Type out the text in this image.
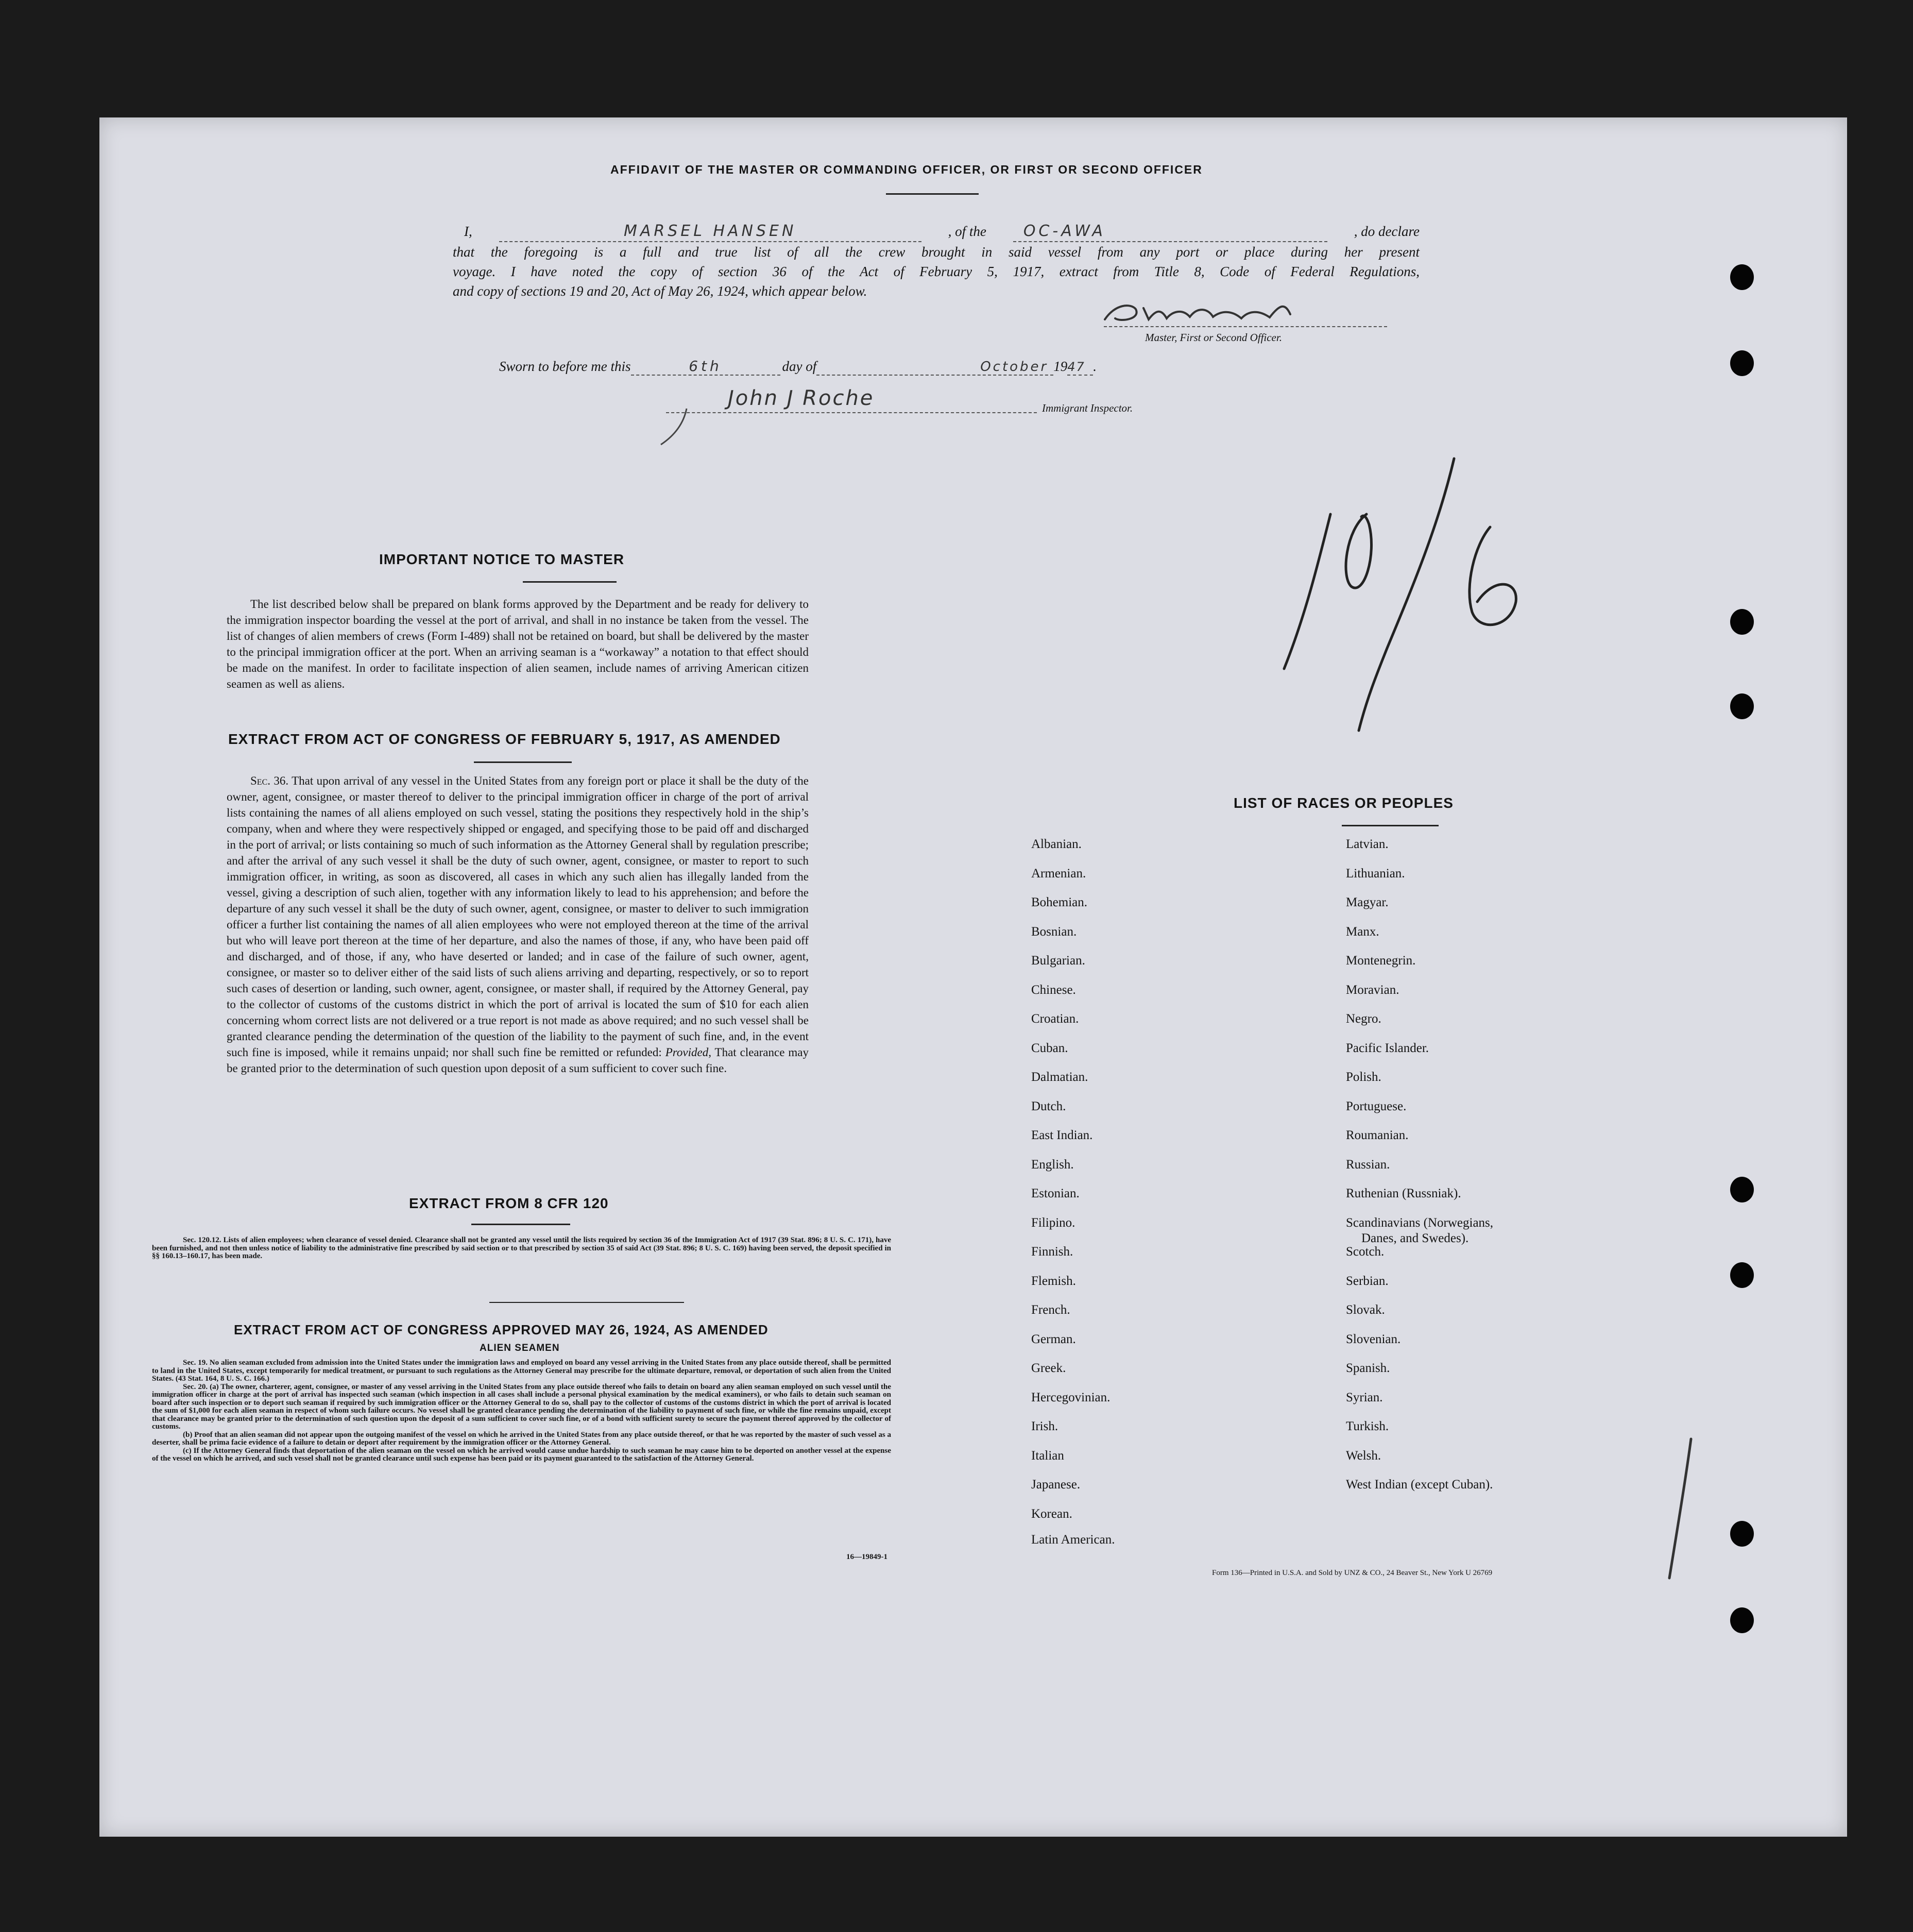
AFFIDAVIT OF THE MASTER OR COMMANDING OFFICER, OR FIRST OR SECOND OFFICER
I,	MARSEL HANSEN	, of the	OC-AWA	, do declare
that the foregoing is a full and true list of all the crew brought in said vessel from any port or place during her present
voyage. I have noted the copy of section 36 of the Act of February 5, 1917, extract from Title 8, Code of Federal Regulations,
and copy of sections 19 and 20, Act of May 26, 1924, which appear below.
Master, First or Second Officer.
Sworn to before me this	6th	day of	October 19 47 .
John J Roche	Immigrant Inspector.
IMPORTANT NOTICE TO MASTER
The list described below shall be prepared on blank forms approved by the Department and be ready for delivery to the immigration inspector boarding the vessel at the port of arrival, and shall in no instance be taken from the vessel. The list of changes of alien members of crews (Form I-489) shall not be retained on board, but shall be delivered by the master to the principal immigration officer at the port. When an arriving seaman is a “workaway” a notation to that effect should be made on the manifest. In order to facilitate inspection of alien seamen, include names of arriving American citizen seamen as well as aliens.
EXTRACT FROM ACT OF CONGRESS OF FEBRUARY 5, 1917, AS AMENDED
Sec. 36. That upon arrival of any vessel in the United States from any foreign port or place it shall be the duty of the owner, agent, consignee, or master thereof to deliver to the principal immigration officer in charge of the port of arrival lists containing the names of all aliens employed on such vessel, stating the positions they respectively hold in the ship’s company, when and where they were respectively shipped or engaged, and specifying those to be paid off and discharged in the port of arrival; or lists containing so much of such information as the Attorney General shall by regulation prescribe; and after the arrival of any such vessel it shall be the duty of such owner, agent, consignee, or master to report to such immigration officer, in writing, as soon as discovered, all cases in which any such alien has illegally landed from the vessel, giving a description of such alien, together with any information likely to lead to his apprehension; and before the departure of any such vessel it shall be the duty of such owner, agent, consignee, or master to deliver to such immigration officer a further list containing the names of all alien employees who were not employed thereon at the time of the arrival but who will leave port thereon at the time of her departure, and also the names of those, if any, who have been paid off and discharged, and of those, if any, who have deserted or landed; and in case of the failure of such owner, agent, consignee, or master so to deliver either of the said lists of such aliens arriving and departing, respectively, or so to report such cases of desertion or landing, such owner, agent, consignee, or master shall, if required by the Attorney General, pay to the collector of customs of the customs district in which the port of arrival is located the sum of $10 for each alien concerning whom correct lists are not delivered or a true report is not made as above required; and no such vessel shall be granted clearance pending the determination of the question of the liability to the payment of such fine, and, in the event such fine is imposed, while it remains unpaid; nor shall such fine be remitted or refunded: Provided, That clearance may be granted prior to the determination of such question upon deposit of a sum sufficient to cover such fine.
EXTRACT FROM 8 CFR 120
Sec. 120.12. Lists of alien employees; when clearance of vessel denied. Clearance shall not be granted any vessel until the lists required by section 36 of the Immigration Act of 1917 (39 Stat. 896; 8 U. S. C. 171), have been furnished, and not then unless notice of liability to the administrative fine prescribed by said section or to that prescribed by section 35 of said Act (39 Stat. 896; 8 U. S. C. 169) having been served, the deposit specified in §§ 160.13–160.17, has been made.
EXTRACT FROM ACT OF CONGRESS APPROVED MAY 26, 1924, AS AMENDED
ALIEN SEAMEN
Sec. 19. No alien seaman excluded from admission into the United States under the immigration laws and employed on board any vessel arriving in the United States from any place outside thereof, shall be permitted to land in the United States, except temporarily for medical treatment, or pursuant to such regulations as the Attorney General may prescribe for the ultimate departure, removal, or deportation of such alien from the United States. (43 Stat. 164, 8 U. S. C. 166.)
Sec. 20. (a) The owner, charterer, agent, consignee, or master of any vessel arriving in the United States from any place outside thereof who fails to detain on board any alien seaman employed on such vessel until the immigration officer in charge at the port of arrival has inspected such seaman (which inspection in all cases shall include a personal physical examination by the medical examiners), or who fails to detain such seaman on board after such inspection or to deport such seaman if required by such immigration officer or the Attorney General to do so, shall pay to the collector of customs of the customs district in which the port of arrival is located the sum of $1,000 for each alien seaman in respect of whom such failure occurs. No vessel shall be granted clearance pending the determination of the liability to payment of such fine, or while the fine remains unpaid, except that clearance may be granted prior to the determination of such question upon the deposit of a sum sufficient to cover such fine, or of a bond with sufficient surety to secure the payment thereof approved by the collector of customs.
(b) Proof that an alien seaman did not appear upon the outgoing manifest of the vessel on which he arrived in the United States from any place outside thereof, or that he was reported by the master of such vessel as a deserter, shall be prima facie evidence of a failure to detain or deport after requirement by the immigration officer or the Attorney General.
(c) If the Attorney General finds that deportation of the alien seaman on the vessel on which he arrived would cause undue hardship to such seaman he may cause him to be deported on another vessel at the expense of the vessel on which he arrived, and such vessel shall not be granted clearance until such expense has been paid or its payment guaranteed to the satisfaction of the Attorney General.
16—19849-1
LIST OF RACES OR PEOPLES
Albanian.
Armenian.
Bohemian.
Bosnian.
Bulgarian.
Chinese.
Croatian.
Cuban.
Dalmatian.
Dutch.
East Indian.
English.
Estonian.
Filipino.
Finnish.
Flemish.
French.
German.
Greek.
Hercegovinian.
Irish.
Italian
Japanese.
Korean.
Latin American.
Latvian.
Lithuanian.
Magyar.
Manx.
Montenegrin.
Moravian.
Negro.
Pacific Islander.
Polish.
Portuguese.
Roumanian.
Russian.
Ruthenian (Russniak).
Scandinavians (Norwegians,
Danes, and Swedes).
Scotch.
Serbian.
Slovak.
Slovenian.
Spanish.
Syrian.
Turkish.
Welsh.
West Indian (except Cuban).
Form 136—Printed in U.S.A. and Sold by UNZ & CO., 24 Beaver St., New York U 26769
